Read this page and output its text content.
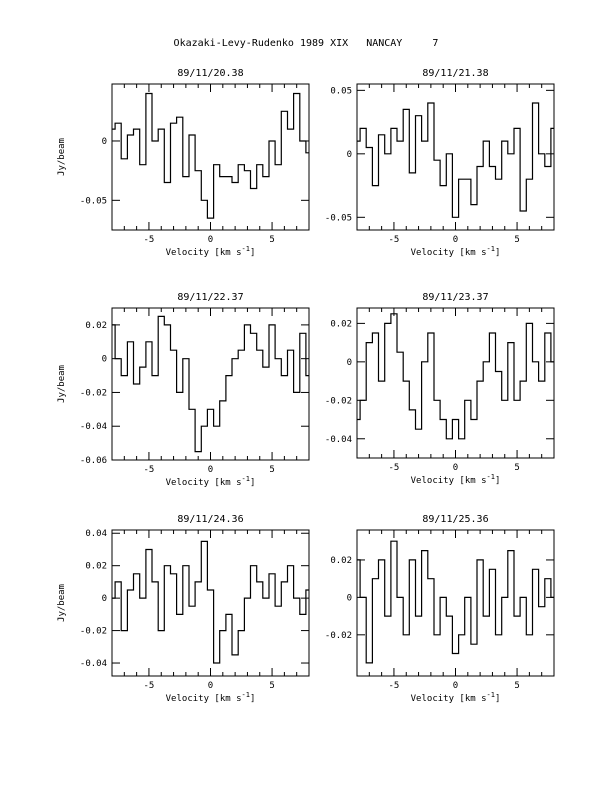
Okazaki-Levy-Rudenko 1989 XIX   NANCAY     7
89/11/20.38
-5	0	5
0
-0.05
Velocity [km $s^{-1}$]
Jy/beam
89/11/21.38
-5	0	5
0.05
0
-0.05
Velocity [km $s^{-1}$]
89/11/22.37
-5	0	5
0.02
0
-0.02
-0.04
-0.06
Velocity [km $s^{-1}$]
Jy/beam
89/11/23.37
-5	0	5
0.02
0
-0.02
-0.04
Velocity [km $s^{-1}$]
89/11/24.36
-5	0	5
0.04
0.02
0
-0.02
-0.04
Velocity [km $s^{-1}$]
Jy/beam
89/11/25.36
-5	0	5
0.02
0
-0.02
Velocity [km $s^{-1}$]
